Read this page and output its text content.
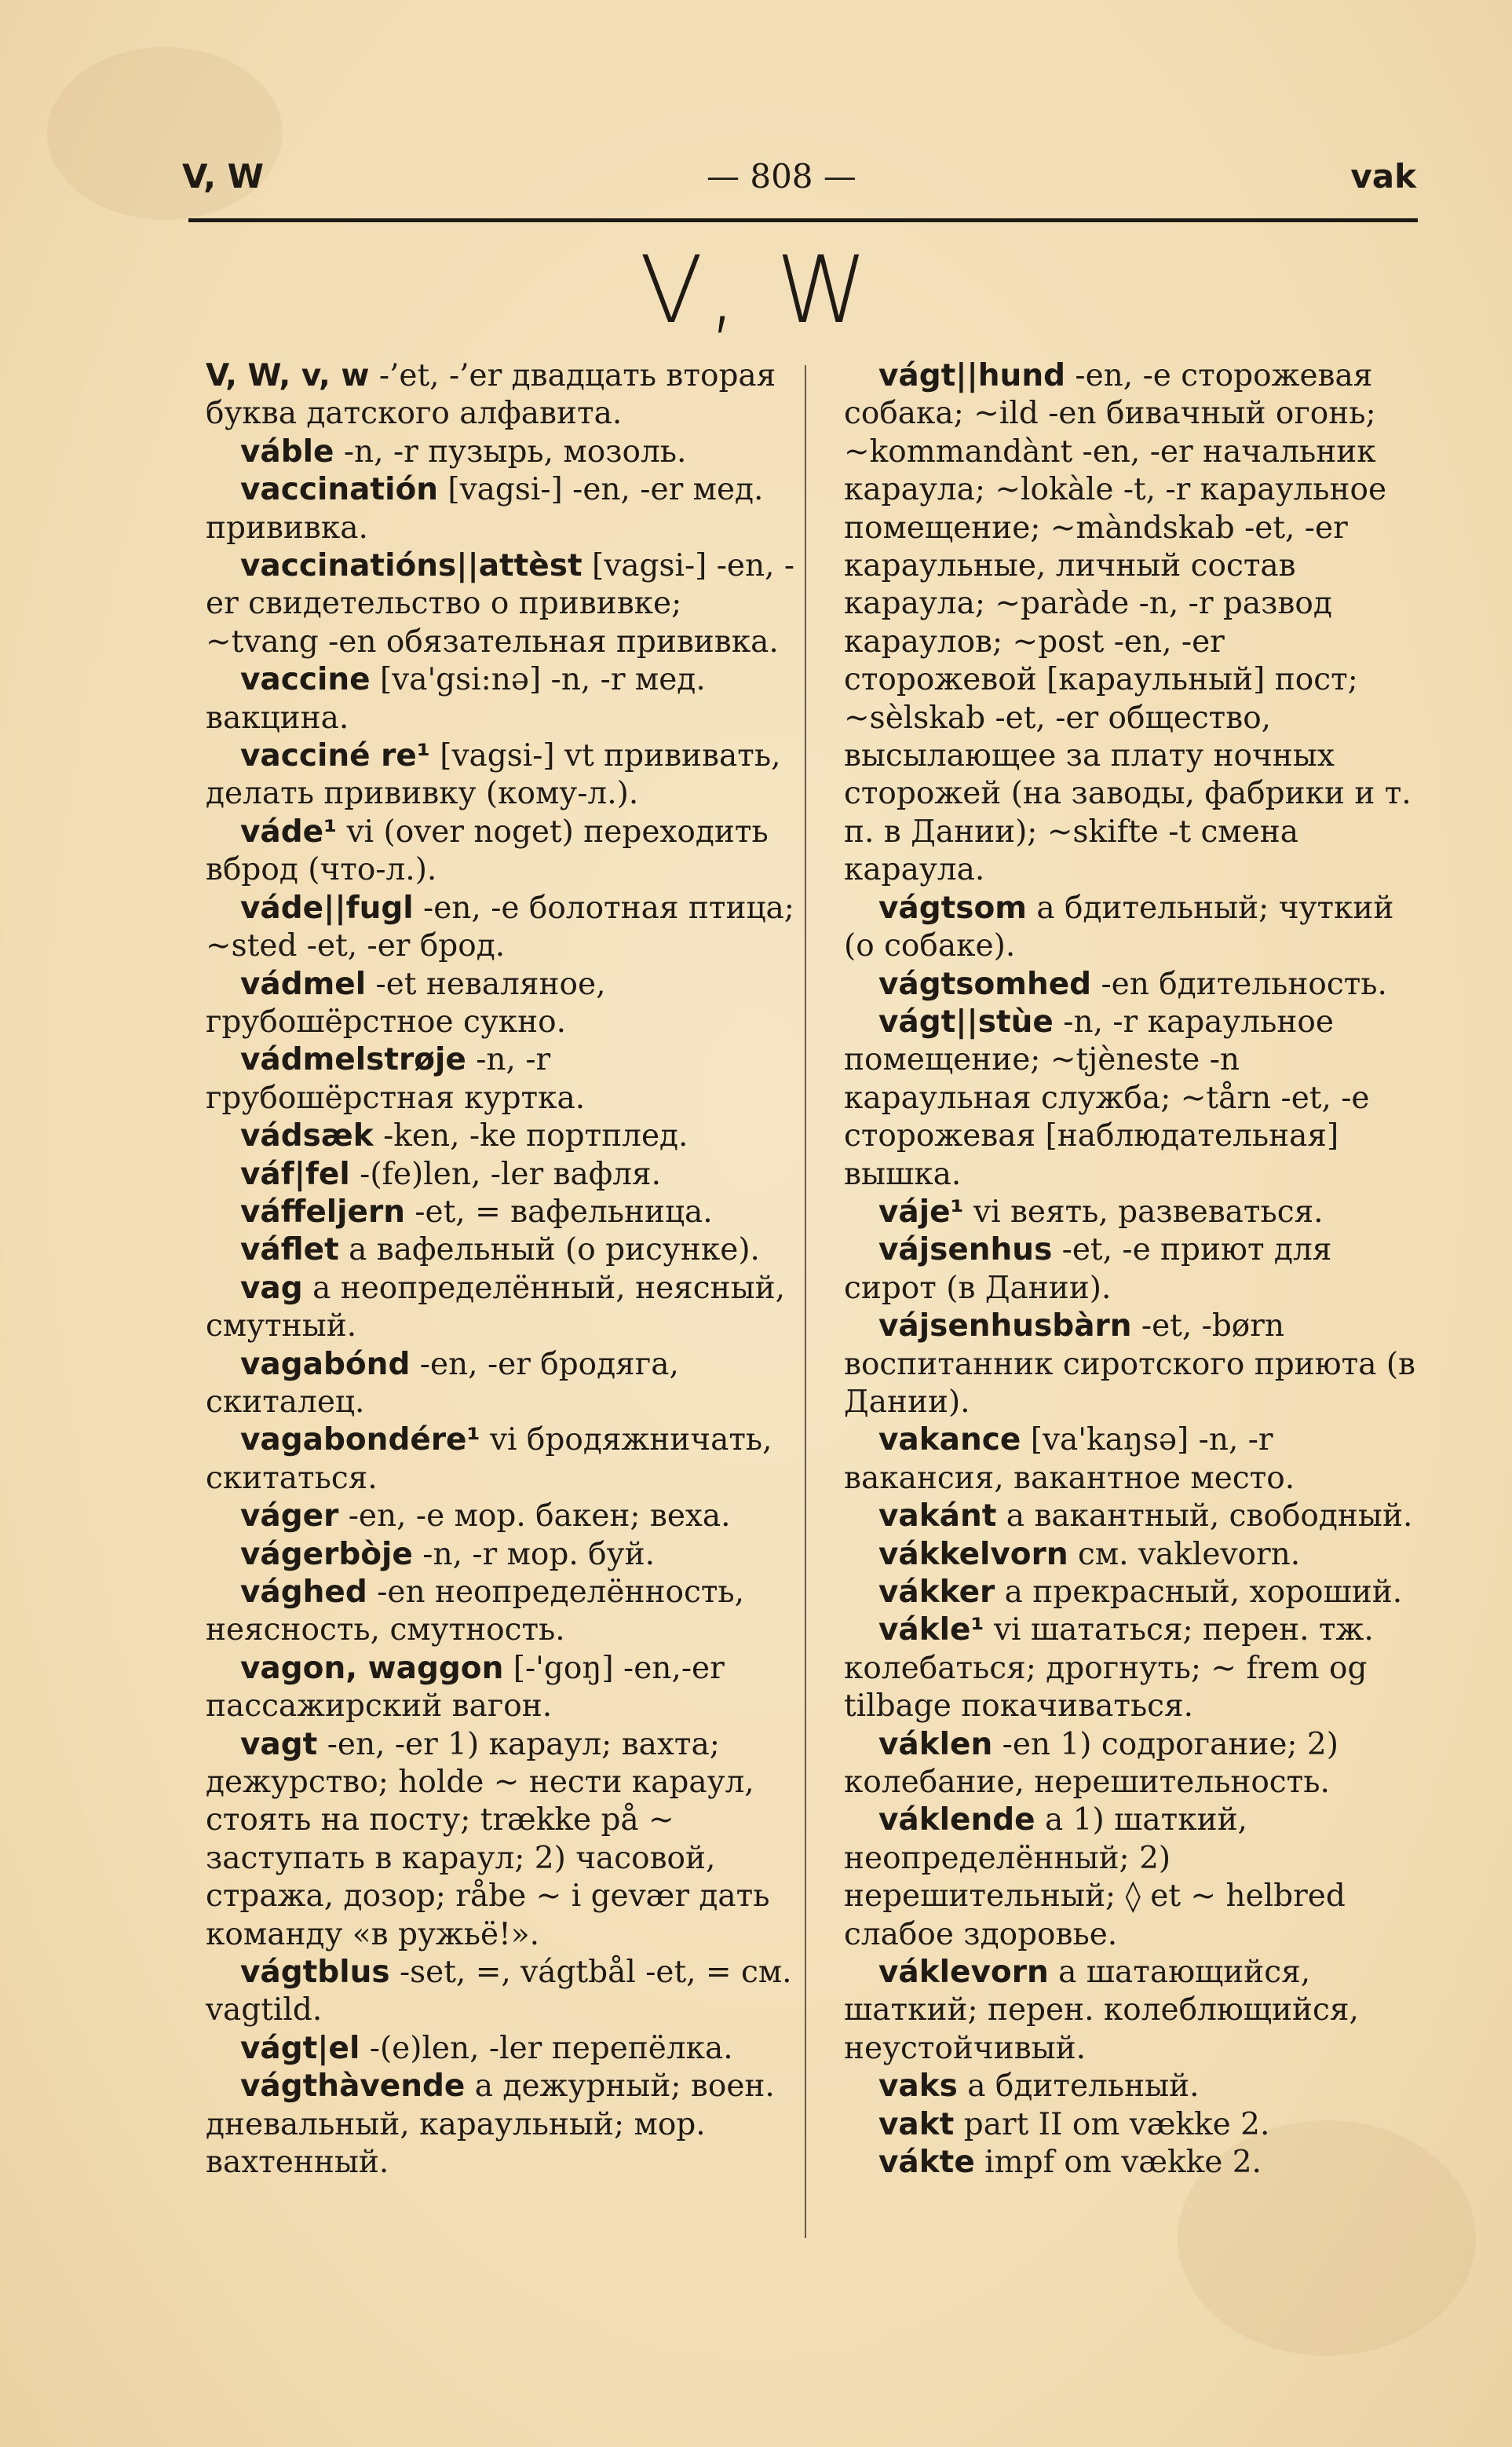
V, W	— 808 —	vak
V, W

V, W, v, w -’et, -’er двадцать вторая буква датского алфавита.

váble -n, -r пузырь, мозоль.

vaccinatión [vagsi-] -en, -er мед. прививка.

vaccinatións||attèst [vagsi-] -en, -er свидетельство о прививке; ~tvang -en обязательная прививка.

vaccine [va'gsi:nə] -n, -r мед. вакцина.

vacciné re¹ [vagsi-] vt прививать, делать прививку (кому-л.).

váde¹ vi (over noget) переходить вброд (что-л.).

váde||fugl -en, -e болотная птица; ~sted -et, -er брод.

vádmel -et неваляное, грубошёрстное сукно.

vádmelstrøje -n, -r грубошёрстная куртка.

vádsæk -ken, -ke портплед.

váf|fel -(fe)len, -ler вафля.

váffeljern -et, = вафельница.

váflet a вафельный (о рисунке).

vag a неопределённый, неясный, смутный.

vagabónd -en, -er бродяга, скиталец.

vagabondére¹ vi бродяжничать, скитаться.

váger -en, -e мор. бакен; веха.

vágerbòje -n, -r мор. буй.

vághed -en неопределённость, неясность, смутность.

vagon, waggon [-'goŋ] -en,-er пассажирский вагон.

vagt -en, -er 1) караул; вахта; дежурство; holde ~ нести караул, стоять на посту; trække på ~ заступать в караул; 2) часовой, стража, дозор; råbe ~ i gevær дать команду «в ружьё!».

vágtblus -set, =, vágtbål -et, = см. vagtild.

vágt|el -(e)len, -ler перепёлка.

vágthàvende a дежурный; воен. дневальный, караульный; мор. вахтенный.

vágt||hund -en, -e сторожевая собака; ~ild -en бивачный огонь; ~kommandànt -en, -er начальник караула; ~lokàle -t, -r караульное помещение; ~màndskab -et, -er караульные, личный состав караула; ~paràde -n, -r развод караулов; ~post -en, -er сторожевой [караульный] пост; ~sèlskab -et, -er общество, высылающее за плату ночных сторожей (на заводы, фабрики и т. п. в Дании); ~skifte -t смена караула.

vágtsom a бдительный; чуткий (о собаке).

vágtsomhed -en бдительность.

vágt||stùe -n, -r караульное помещение; ~tjèneste -n караульная служба; ~tårn -et, -e сторожевая [наблюдательная] вышка.

váje¹ vi веять, развеваться.

vájsenhus -et, -e приют для сирот (в Дании).

vájsenhusbàrn -et, -børn воспитанник сиротского приюта (в Дании).

vakance [va'kaŋsə] -n, -r вакансия, вакантное место.

vakánt a вакантный, свободный.

vákkelvorn см. vaklevorn.

vákker a прекрасный, хороший.

vákle¹ vi шататься; перен. тж. колебаться; дрогнуть; ~ frem og tilbage покачиваться.

váklen -en 1) содрогание; 2) колебание, нерешительность.

váklende a 1) шаткий, неопределённый; 2) нерешительный; ◊ et ~ helbred слабое здоровье.

váklevorn a шатающийся, шаткий; перен. колеблющийся, неустойчивый.

vaks a бдительный.

vakt part II om vække 2.

vákte impf om vække 2.
